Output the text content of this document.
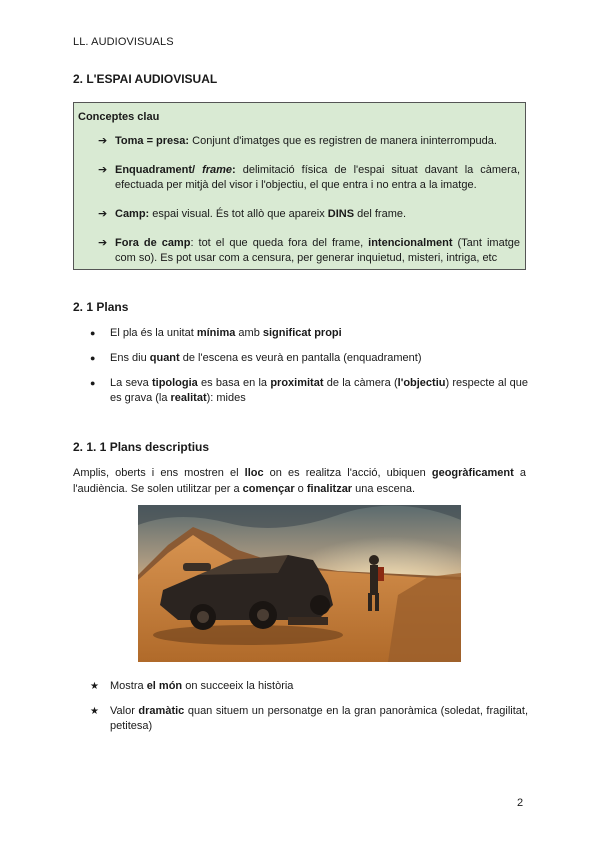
LL. AUDIOVISUALS
2. L'ESPAI AUDIOVISUAL
Conceptes clau
➔ Toma = presa: Conjunt d'imatges que es registren de manera ininterrompuda.
➔ Enquadrament/ frame: delimitació física de l'espai situat davant la càmera, efectuada per mitjà del visor i l'objectiu, el que entra i no entra a la imatge.
➔ Camp: espai visual. És tot allò que apareix DINS del frame.
➔ Fora de camp: tot el que queda fora del frame, intencionalment (Tant imatge com so). Es pot usar com a censura, per generar inquietud, misteri, intriga, etc
2. 1 Plans
● El pla és la unitat mínima amb significat propi
● Ens diu quant de l'escena es veurà en pantalla (enquadrament)
● La seva tipologia es basa en la proximitat de la càmera (l'objectiu) respecte al que es grava (la realitat): mides
2. 1. 1 Plans descriptius
Amplis, oberts i ens mostren el lloc on es realitza l'acció, ubiquen geogràficament a l'audiència. Se solen utilitzar per a començar o finalitzar una escena.
★ Mostra el món on succeeix la història
★ Valor dramàtic quan situem un personatge en la gran panoràmica (soledat, fragilitat, petitesa)
2
